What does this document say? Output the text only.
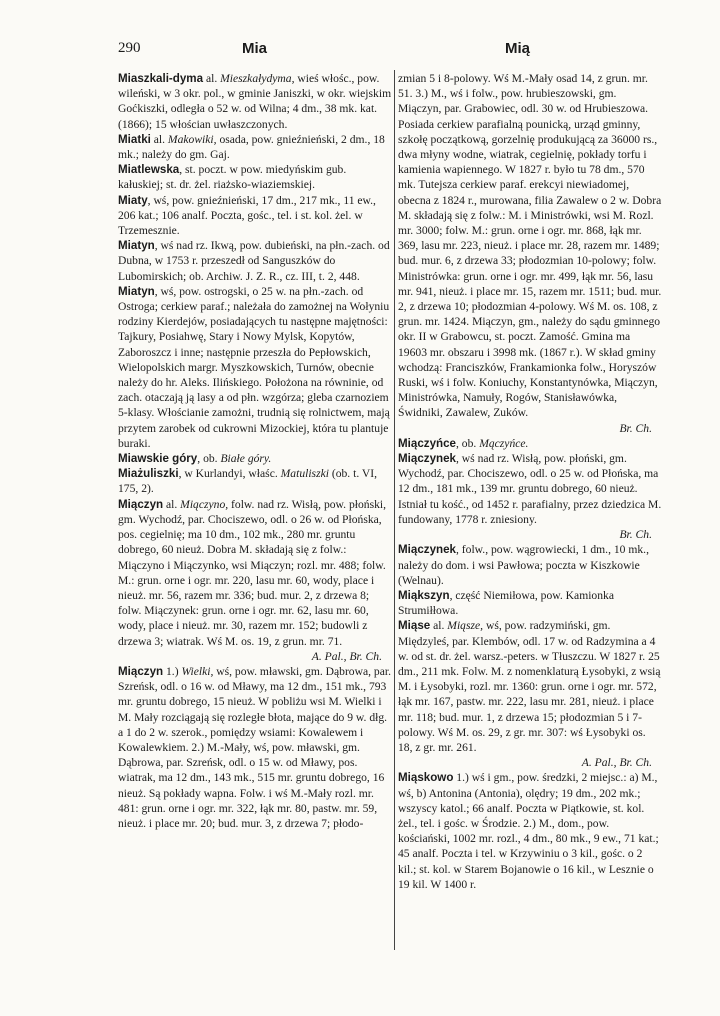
290	Mia	Mią

Miaszkali-dyma al. Mieszkałydyma, wieś włośc., pow. wileński, w 3 okr. pol., w gminie Janiszki, w okr. wiejskim Goćkiszki, odległa o 52 w. od Wilna; 4 dm., 38 mk. kat. (1866); 15 włościan uwłaszczonych.

Miatki al. Makowiki, osada, pow. gnieźnieński, 2 dm., 18 mk.; należy do gm. Gaj.

Miatlewska, st. poczt. w pow. miedyńskim gub. kałuskiej; st. dr. żel. riażsko-wiaziemskiej.

Miaty, wś, pow. gnieźnieński, 17 dm., 217 mk., 11 ew., 206 kat.; 106 analf. Poczta, gośc., tel. i st. kol. żel. w Trzemesznie.

Miatyn, wś nad rz. Ikwą, pow. dubieński, na płn.-zach. od Dubna, w 1753 r. przeszedł od Sanguszków do Lubomirskich; ob. Archiw. J. Z. R., cz. III, t. 2, 448.

Miatyn, wś, pow. ostrogski, o 25 w. na płn.-zach. od Ostroga; cerkiew paraf.; należała do zamożnej na Wołyniu rodziny Kierdejów, posiadających tu następne majętności: Tajkury, Posiahwę, Stary i Nowy Mylsk, Kopytów, Zaboroszcz i inne; następnie przeszła do Pepłowskich, Wielopolskich margr. Myszkowskich, Turnów, obecnie należy do hr. Aleks. Ilińskiego. Położona na równinie, od zach. otaczają ją lasy a od płn. wzgórza; gleba czarnoziem 5-klasy. Włościanie zamożni, trudnią się rolnictwem, mają przytem zarobek od cukrowni Mizockiej, która tu plantuje buraki.

Miawskie góry, ob. Białe góry.

Miażuliszki, w Kurlandyi, właśc. Matuliszki (ob. t. VI, 175, 2).

Miączyn al. Miączyno, folw. nad rz. Wisłą, pow. płoński, gm. Wychodź, par. Chociszewo, odl. o 26 w. od Płońska, pos. cegielnię; ma 10 dm., 102 mk., 280 mr. gruntu dobrego, 60 nieuż. Dobra M. składają się z folw.: Miączyno i Miączynko, wsi Miączyn; rozl. mr. 488; folw. M.: grun. orne i ogr. mr. 220, lasu mr. 60, wody, place i nieuż. mr. 56, razem mr. 336; bud. mur. 2, z drzewa 8; folw. Miączynek: grun. orne i ogr. mr. 62, lasu mr. 60, wody, place i nieuż. mr. 30, razem mr. 152; budowli z drzewa 3; wiatrak. Wś M. os. 19, z grun. mr. 71.
A. Pal., Br. Ch.

Miączyn 1.) Wielki, wś, pow. mławski, gm. Dąbrowa, par. Szreńsk, odl. o 16 w. od Mławy, ma 12 dm., 151 mk., 793 mr. gruntu dobrego, 15 nieuż. W pobliżu wsi M. Wielki i M. Mały rozciągają się rozległe błota, mające do 9 w. dłg. a 1 do 2 w. szerok., pomiędzy wsiami: Kowalewem i Kowalewkiem. 2.) M.-Mały, wś, pow. mławski, gm. Dąbrowa, par. Szreńsk, odl. o 15 w. od Mławy, pos. wiatrak, ma 12 dm., 143 mk., 515 mr. gruntu dobrego, 16 nieuż. Są pokłady wapna. Folw. i wś M.-Mały rozl. mr. 481: grun. orne i ogr. mr. 322, łąk mr. 80, pastw. mr. 59, nieuż. i place mr. 20; bud. mur. 3, z drzewa 7; płodo-

zmian 5 i 8-polowy. Wś M.-Mały osad 14, z grun. mr. 51. 3.) M., wś i folw., pow. hrubieszowski, gm. Miączyn, par. Grabowiec, odl. 30 w. od Hrubieszowa. Posiada cerkiew parafialną pounicką, urząd gminny, szkołę początkową, gorzelnię produkującą za 36000 rs., dwa młyny wodne, wiatrak, cegielnię, pokłady torfu i kamienia wapiennego. W 1827 r. było tu 78 dm., 570 mk. Tutejsza cerkiew paraf. erekcyi niewiadomej, obecna z 1824 r., murowana, filia Zawalew o 2 w. Dobra M. składają się z folw.: M. i Ministrówki, wsi M. Rozl. mr. 3000; folw. M.: grun. orne i ogr. mr. 868, łąk mr. 369, lasu mr. 223, nieuż. i place mr. 28, razem mr. 1489; bud. mur. 6, z drzewa 33; płodozmian 10-polowy; folw. Ministrówka: grun. orne i ogr. mr. 499, łąk mr. 56, lasu mr. 941, nieuż. i place mr. 15, razem mr. 1511; bud. mur. 2, z drzewa 10; płodozmian 4-polowy. Wś M. os. 108, z grun. mr. 1424. Miączyn, gm., należy do sądu gminnego okr. II w Grabowcu, st. poczt. Zamość. Gmina ma 19603 mr. obszaru i 3998 mk. (1867 r.). W skład gminy wchodzą: Franciszków, Frankamionka folw., Horyszów Ruski, wś i folw. Koniuchy, Konstantynówka, Miączyn, Ministrówka, Namuły, Rogów, Stanisławówka, Świdniki, Zawalew, Zuków.
Br. Ch.

Miączyńce, ob. Mączyńce.

Miączynek, wś nad rz. Wisłą, pow. płoński, gm. Wychodź, par. Chociszewo, odl. o 25 w. od Płońska, ma 12 dm., 181 mk., 139 mr. gruntu dobrego, 60 nieuż. Istniał tu kość., od 1452 r. parafialny, przez dziedzica M. fundowany, 1778 r. zniesiony.
Br. Ch.

Miączynek, folw., pow. wągrowiecki, 1 dm., 10 mk., należy do dom. i wsi Pawłowa; poczta w Kiszkowie (Welnau).

Miąkszyn, część Niemiłowa, pow. Kamionka Strumiłłowa.

Miąse al. Miąsze, wś, pow. radzymiński, gm. Międzyleś, par. Klembów, odl. 17 w. od Radzymina a 4 w. od st. dr. żel. warsz.-peters. w Tłuszczu. W 1827 r. 25 dm., 211 mk. Folw. M. z nomenklaturą Łysobyki, z wsią M. i Łysobyki, rozl. mr. 1360: grun. orne i ogr. mr. 572, łąk mr. 167, pastw. mr. 222, lasu mr. 281, nieuż. i place mr. 118; bud. mur. 1, z drzewa 15; płodozmian 5 i 7-polowy. Wś M. os. 29, z gr. mr. 307: wś Łysobyki os. 18, z gr. mr. 261.
A. Pal., Br. Ch.

Miąskowo 1.) wś i gm., pow. średzki, 2 miejsc.: a) M., wś, b) Antonina (Antonia), olędry; 19 dm., 202 mk.; wszyscy katol.; 66 analf. Poczta w Piątkowie, st. kol. żel., tel. i gośc. w Środzie. 2.) M., dom., pow. kościański, 1002 mr. rozl., 4 dm., 80 mk., 9 ew., 71 kat.; 45 analf. Poczta i tel. w Krzywiniu o 3 kil., gośc. o 2 kil.; st. kol. w Starem Bojanowie o 16 kil., w Lesznie o 19 kil. W 1400 r.
